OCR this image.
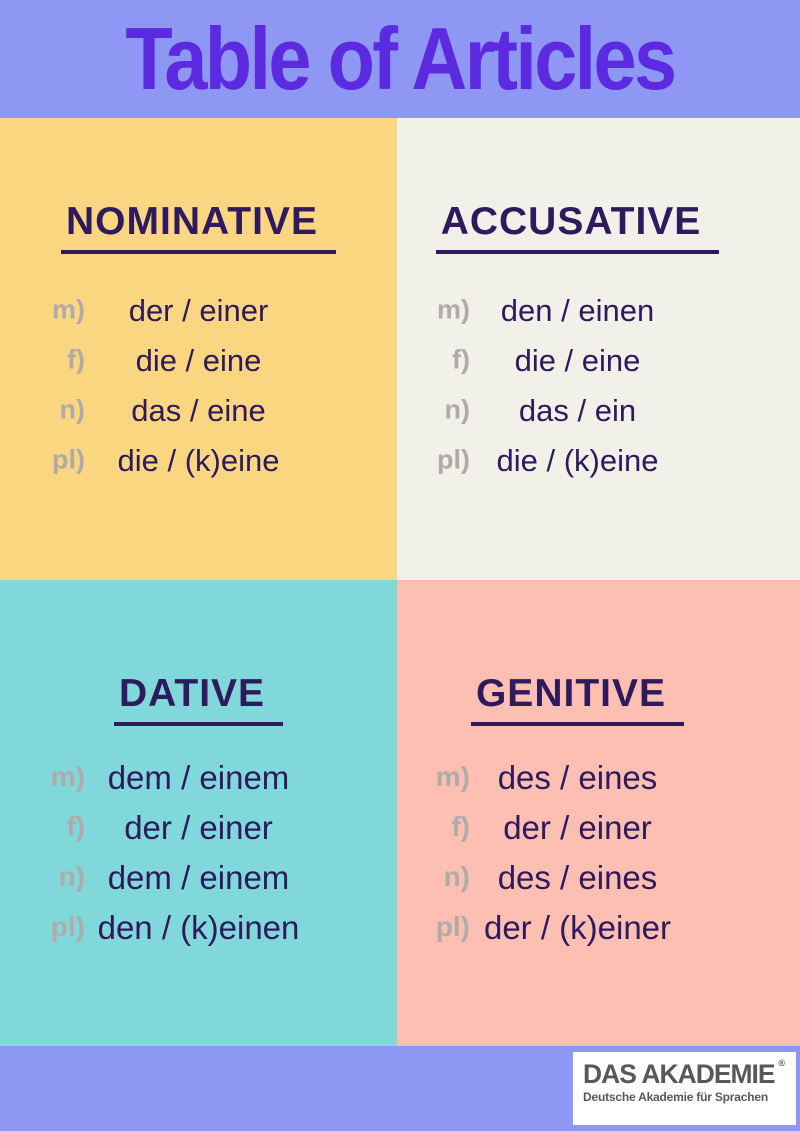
Table of Articles
NOMINATIVE
m) der / einer
f) die / eine
n) das / eine
pl) die / (k)eine
ACCUSATIVE
m) den / einen
f) die / eine
n) das / ein
pl) die / (k)eine
DATIVE
m) dem / einem
f) der / einer
n) dem / einem
pl) den / (k)einen
GENITIVE
m) des / eines
f) der / einer
n) des / eines
pl) der / (k)einer
DAS AKADEMIE ®
Deutsche Akademie für Sprachen
